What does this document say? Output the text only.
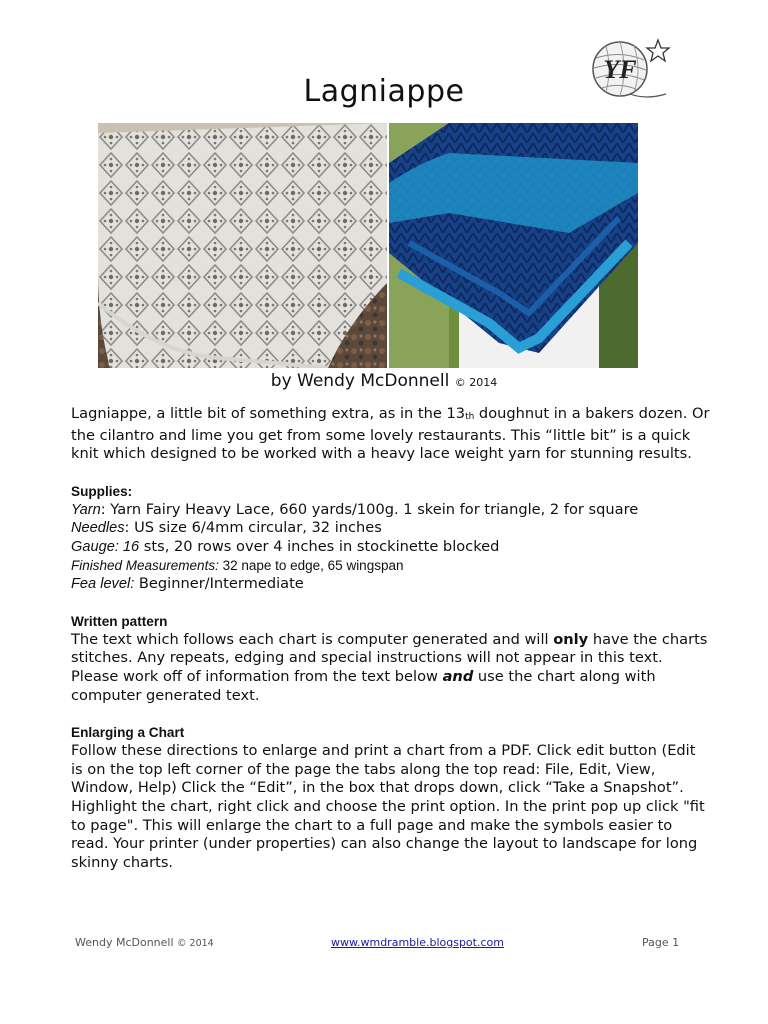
YF
Lagniappe
by Wendy McDonnell © 2014

Lagniappe, a little bit of something extra, as in the 13th doughnut in a bakers dozen. Or the cilantro and lime you get from some lovely restaurants. This “little bit” is a quick knit which designed to be worked with a heavy lace weight yarn for stunning results.

Supplies:

Yarn: Yarn Fairy Heavy Lace, 660 yards/100g. 1 skein for triangle, 2 for square

Needles: US size 6/4mm circular, 32 inches

Gauge: 16 sts, 20 rows over 4 inches in stockinette blocked

Finished Measurements: 32 nape to edge, 65 wingspan

Fea level: Beginner/Intermediate

Written pattern

The text which follows each chart is computer generated and will only have the charts stitches. Any repeats, edging and special instructions will not appear in this text. Please work off of information from the text below and use the chart along with computer generated text.

Enlarging a Chart

Follow these directions to enlarge and print a chart from a PDF. Click edit button (Edit is on the top left corner of the page the tabs along the top read: File, Edit, View, Window, Help) Click the “Edit”, in the box that drops down, click “Take a Snapshot”. Highlight the chart, right click and choose the print option. In the print pop up click "fit to page". This will enlarge the chart to a full page and make the symbols easier to read. Your printer (under properties) can also change the layout to landscape for long skinny charts.

Wendy McDonnell © 2014	www.wmdramble.blogspot.com	Page 1
